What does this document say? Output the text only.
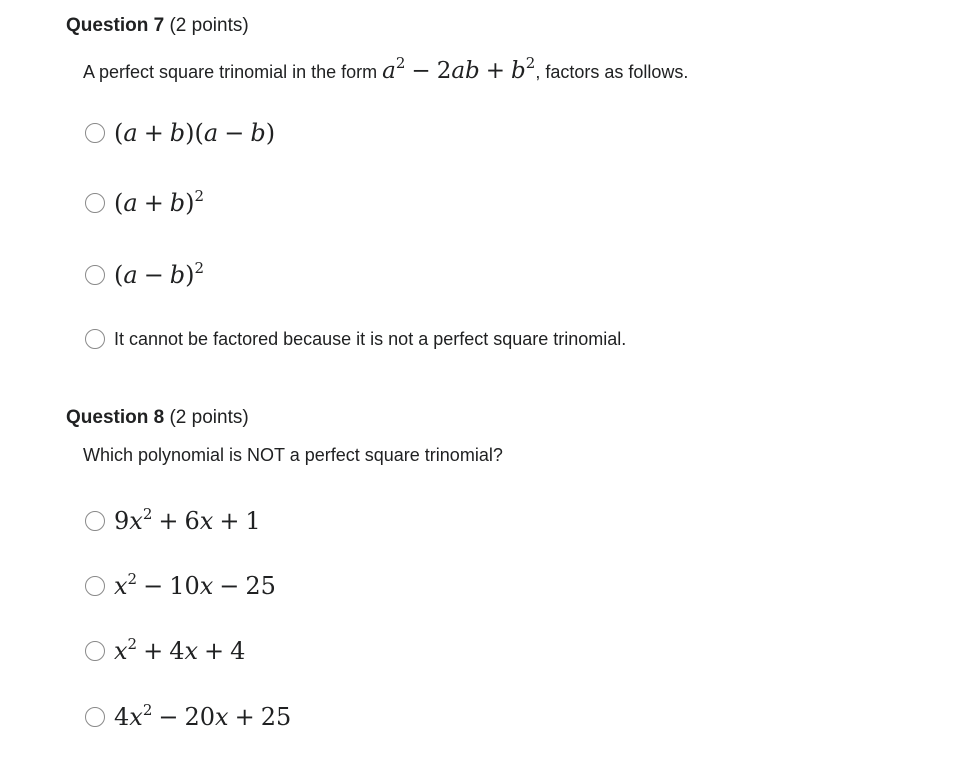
Question 7 (2 points)
A perfect square trinomial in the form $a^2 - 2ab + b^2$, factors as follows.
(a + b)(a − b)
$(a + b)^2$
$(a - b)^2$
It cannot be factored because it is not a perfect square trinomial.
Question 8 (2 points)
Which polynomial is NOT a perfect square trinomial?
$9x^2 + 6x + 1$
$x^2 - 10x - 25$
$x^2 + 4x + 4$
$4x^2 - 20x + 25$
